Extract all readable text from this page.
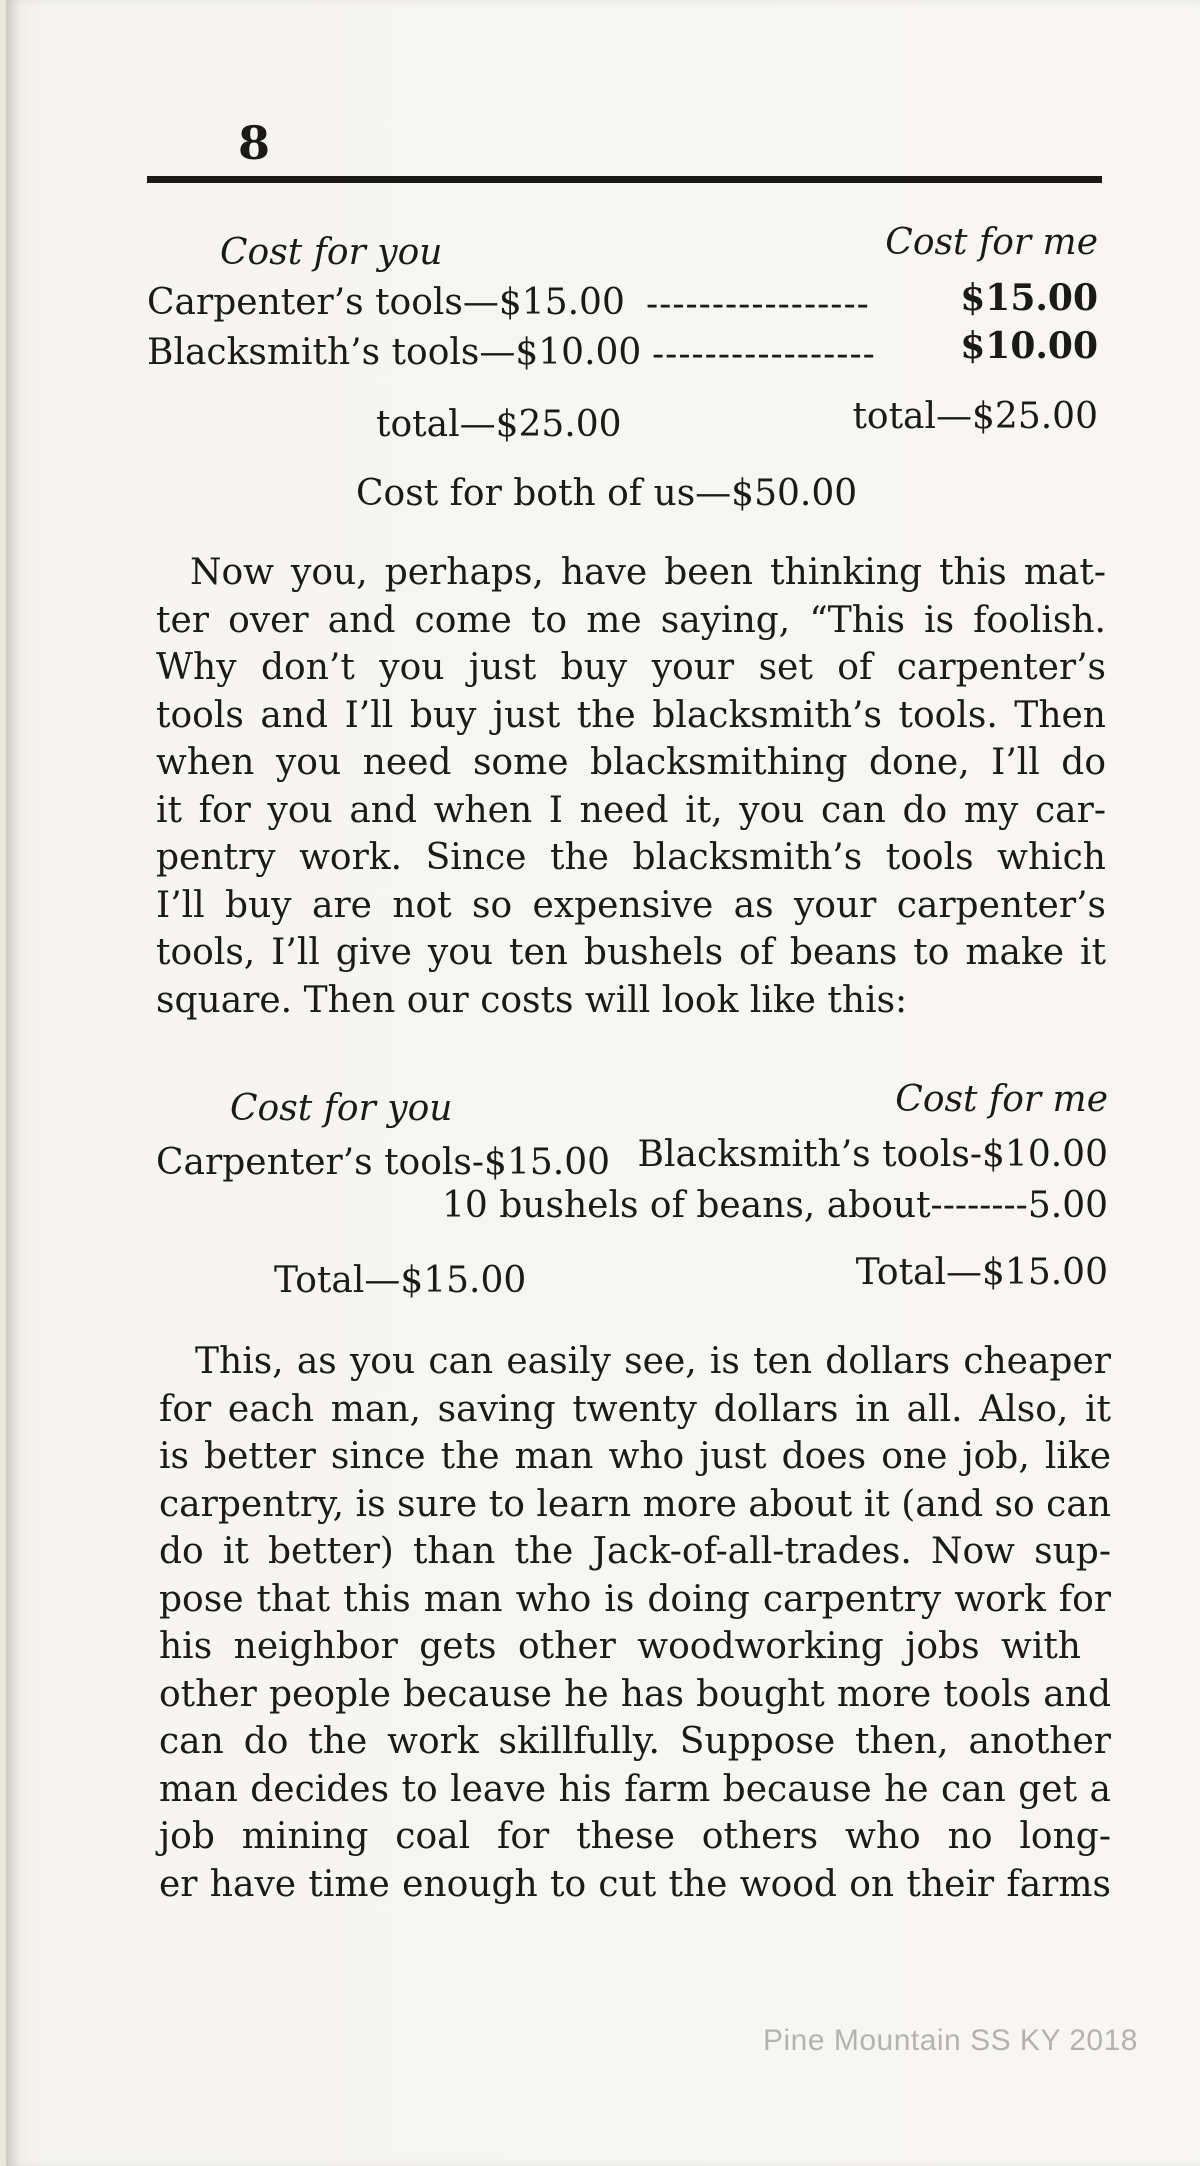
8
Cost for you	Cost for me
Carpenter’s tools—$15.00 -----------------	$15.00
Blacksmith’s tools—$10.00 ----------------- $10.00
total—$25.00	total—$25.00
Cost for both of us—$50.00
Now you, perhaps, have been thinking this mat-
ter over and come to me saying, “This is foolish.
Why don’t you just buy your set of carpenter’s
tools and I’ll buy just the blacksmith’s tools. Then
when you need some blacksmithing done, I’ll do
it for you and when I need it, you can do my car-
pentry work. Since the blacksmith’s tools which
I’ll buy are not so expensive as your carpenter’s
tools, I’ll give you ten bushels of beans to make it
square. Then our costs will look like this:
Cost for you	Cost for me
Carpenter’s tools-$15.00 Blacksmith’s tools-$10.00
10 bushels of beans, about--------5.00
Total—$15.00	Total—$15.00
This, as you can easily see, is ten dollars cheaper
for each man, saving twenty dollars in all. Also, it
is better since the man who just does one job, like
carpentry, is sure to learn more about it (and so can
do it better) than the Jack-of-all-trades. Now sup-
pose that this man who is doing carpentry work for
his neighbor gets other woodworking jobs with
other people because he has bought more tools and
can do the work skillfully. Suppose then, another
man decides to leave his farm because he can get a
job mining coal for these others who no long-
er have time enough to cut the wood on their farms
Pine Mountain SS KY 2018
